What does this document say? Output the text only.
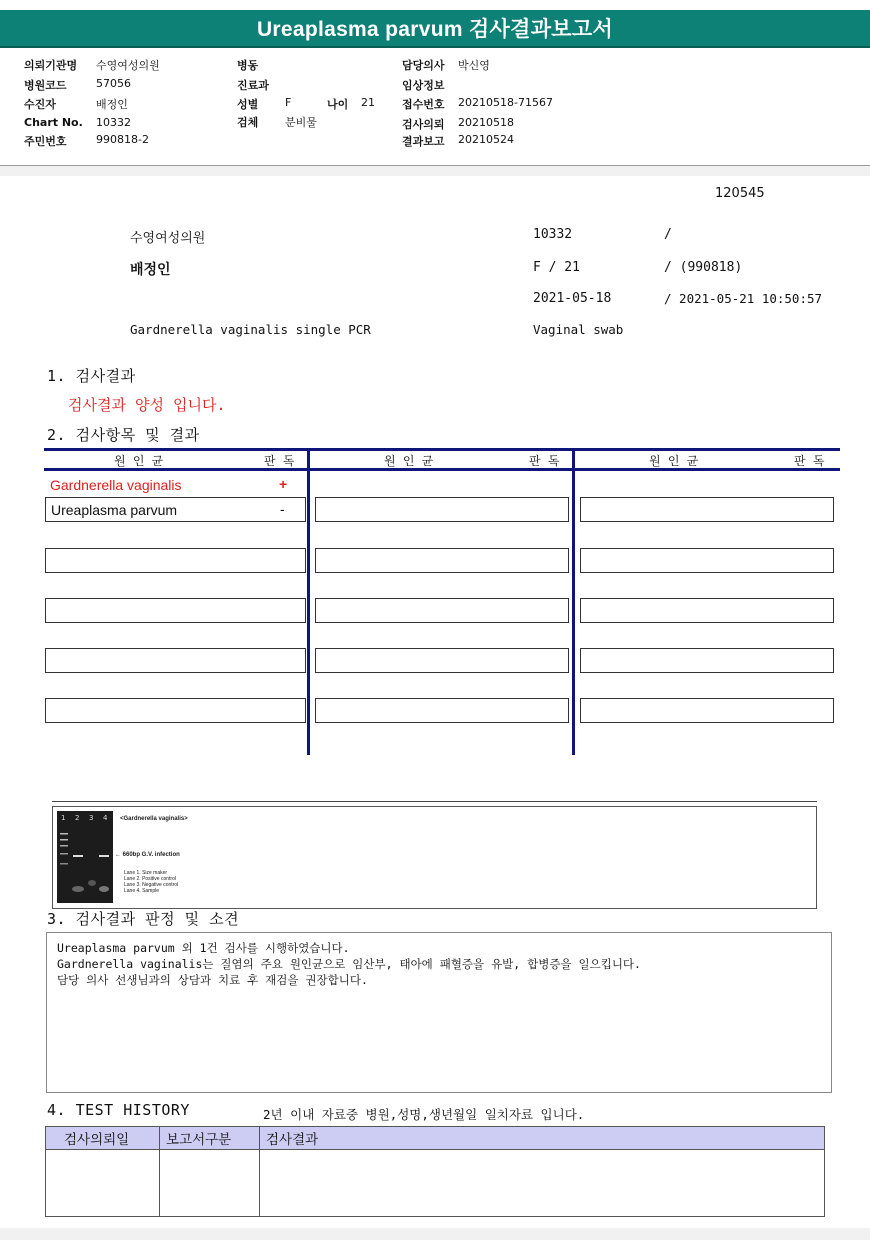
Ureaplasma parvum 검사결과보고서
의뢰기관명 수영여성의원
병원코드	57056
수진자	배정인
Chart No. 10332
주민번호	990818-2
병동
진료과
성별 F	나이 21
검체 분비물
담당의사 박신영
임상정보
접수번호 20210518-71567
검사의뢰 20210518
결과보고 20210524
120545
수영여성의원	10332	/
배정인	F / 21	/ (990818)
2021-05-18	/ 2021-05-21 10:50:57
Gardnerella vaginalis single PCR	Vaginal swab
1. 검사결과
검사결과 양성 입니다.
2. 검사항목 및 결과
원 인 균	판 독	원 인 균	판 독	원 인 균	판 독
Gardnerella vaginalis	+
Ureaplasma parvum	-
1 2 3 4 <Gardnerella vaginalis>
← 660bp G.V. infection
Lane 1. Size maker
Lane 2. Positive control
Lane 3. Negative control
Lane 4. Sample
3. 검사결과 판정 및 소견
Ureaplasma parvum 외 1건 검사를 시행하였습니다.
Gardnerella vaginalis는 질염의 주요 원인균으로 임산부, 태아에 패혈증을 유발, 합병증을 일으킵니다.
담당 의사 선생님과의 상담과 치료 후 재검을 권장합니다.
4. TEST HISTORY	2년 이내 자료중 병원,성명,생년월일 일치자료 입니다.
검사의뢰일	보고서구분	검사결과
